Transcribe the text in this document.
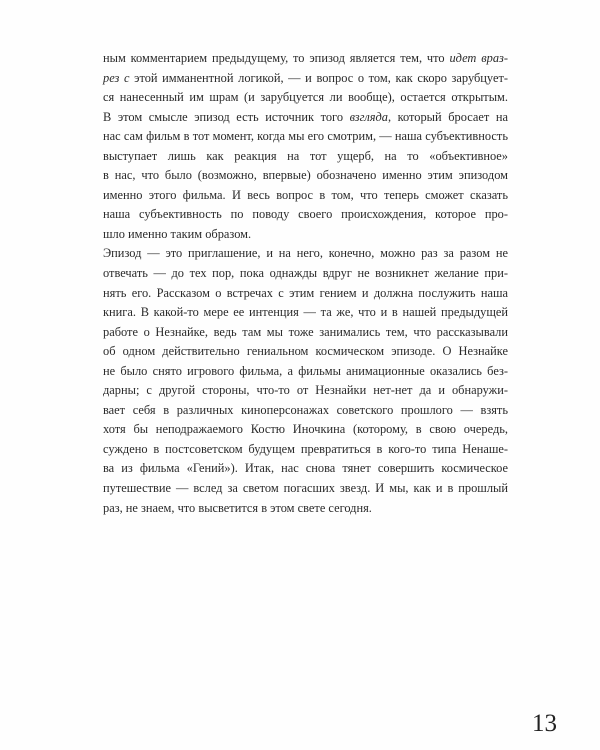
ным комментарием предыдущему, то эпизод является тем, что идет враз-
рез с этой имманентной логикой, — и вопрос о том, как скоро зарубцует-
ся нанесенный им шрам (и зарубцуется ли вообще), остается открытым.
В этом смысле эпизод есть источник того взгляда, который бросает на
нас сам фильм в тот момент, когда мы его смотрим, — наша субъективность
выступает лишь как реакция на тот ущерб, на то «объективное»
в нас, что было (возможно, впервые) обозначено именно этим эпизодом
именно этого фильма. И весь вопрос в том, что теперь сможет сказать
наша субъективность по поводу своего происхождения, которое про-
шло именно таким образом.
Эпизод — это приглашение, и на него, конечно, можно раз за разом не
отвечать — до тех пор, пока однажды вдруг не возникнет желание при-
нять его. Рассказом о встречах с этим гением и должна послужить наша
книга. В какой-то мере ее интенция — та же, что и в нашей предыдущей
работе о Незнайке, ведь там мы тоже занимались тем, что рассказывали
об одном действительно гениальном космическом эпизоде. О Незнайке
не было снято игрового фильма, а фильмы анимационные оказались без-
дарны; с другой стороны, что-то от Незнайки нет-нет да и обнаружи-
вает себя в различных киноперсонажах советского прошлого — взять
хотя бы неподражаемого Костю Иночкина (которому, в свою очередь,
суждено в постсоветском будущем превратиться в кого-то типа Ненаше-
ва из фильма «Гений»). Итак, нас снова тянет совершить космическое
путешествие — вслед за светом погасших звезд. И мы, как и в прошлый
раз, не знаем, что высветится в этом свете сегодня.
13
